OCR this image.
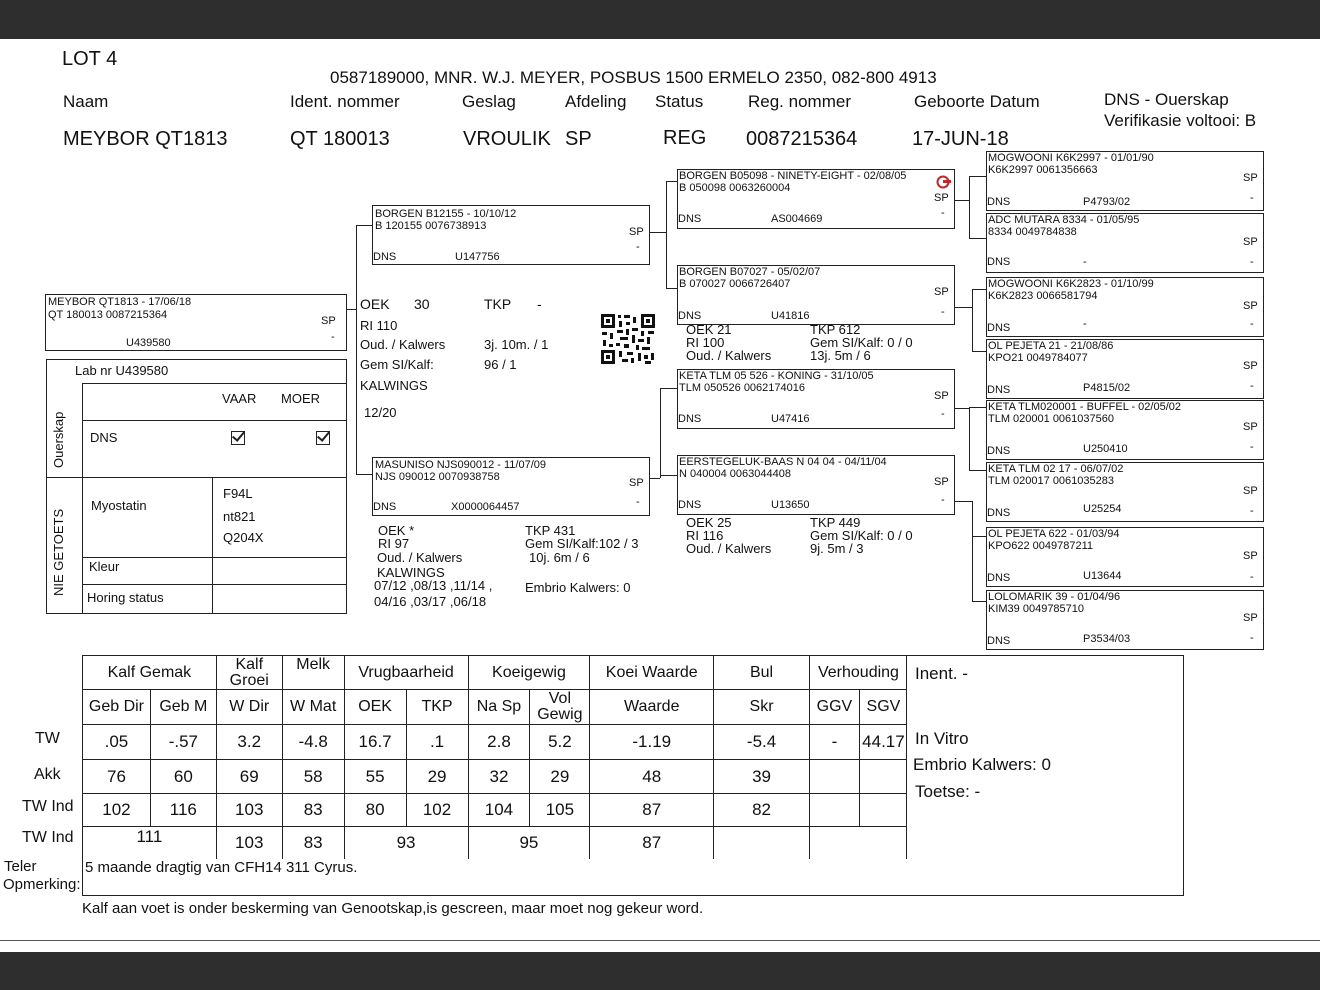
LOT 4
0587189000, MNR. W.J. MEYER, POSBUS 1500 ERMELO 2350, 082-800 4913
Naam	Ident. nommer	Geslag	Afdeling Status	Reg. nommer	Geboorte Datum	DNS - Ouerskap
Verifikasie voltooi: B
MEYBOR QT1813	QT 180013	VROULIK SP	REG 0087215364	17-JUN-18
MEYBOR QT1813 - 17/06/18
QT 180013 0087215364	SP
-
U439580
Lab nr U439580
VAAR MOER
DNS

Ouerskap
NIE GETOETS
Myostatin
F94L
nt821
Q204X
Kleur
Horing status
BORGEN B12155 - 10/10/12
B 120155 0076738913	SP
-
DNS	U147756
OEK 30	TKP -
RI 110
Oud. / Kalwers	3j. 10m. / 1
Gem SI/Kalf:	96 / 1
KALWINGS
12/20
MASUNISO NJS090012 - 11/07/09
NJS 090012 0070938758	SP
-
DNS	X0000064457
OEK *
RI 97
Oud. / Kalwers
KALWINGS
07/12 ,08/13 ,11/14 ,
04/16 ,03/17 ,06/18
TKP 431
Gem SI/Kalf:102 / 3
10j. 6m / 6
Embrio Kalwers: 0
BORGEN B05098 - NINETY-EIGHT - 02/08/05
B 050098 0063260004
SP
-
DNS	AS004669
BORGEN B07027 - 05/02/07
B 070027 0066726407
SP
-
DNS	U41816
OEK 21
RI 100
Oud. / Kalwers
TKP 612
Gem SI/Kalf: 0 / 0
13j. 5m / 6
KETA TLM 05 526 - KONING - 31/10/05
TLM 050526 0062174016
SP
-
DNS	U47416
EERSTEGELUK-BAAS N 04 04 - 04/11/04
N 040004 0063044408
SP
-
DNS	U13650
OEK 25
RI 116
Oud. / Kalwers
TKP 449
Gem SI/Kalf: 0 / 0
9j. 5m / 3
MOGWOONI K6K2997 - 01/01/90
K6K2997 0061356663
SP
-
DNS	P4793/02
ADC MUTARA 8334 - 01/05/95
8334 0049784838
SP
-
DNS	-
MOGWOONI K6K2823 - 01/10/99
K6K2823 0066581794
SP
-
DNS	-
OL PEJETA 21 - 21/08/86
KPO21 0049784077
SP
-
DNS	P4815/02
KETA TLM020001 - BUFFEL - 02/05/02
TLM 020001 0061037560
SP
-
DNS	U250410
KETA TLM 02 17 - 06/07/02
TLM 020017 0061035283
SP
-
DNS	U25254
OL PEJETA 622 - 01/03/94
KPO622 0049787211
SP
-
DNS	U13644
LOLOMARIK 39 - 01/04/96
KIM39 0049785710
SP
-
DNS	P3534/03
TW
Akk
TW Ind
TW Ind
Kalf Gemak		Kalf Groei	Melk	Vrugbaarheid		Koeigewig		Koei Waarde	Bul	Verhouding	
Geb Dir	Geb M	W Dir	W Mat	OEK	TKP	Na Sp	Vol Gewig	Waarde	Skr	GGV	SGV
.05	-.57	3.2	-4.8	16.7	.1	2.8	5.2	-1.19	-5.4	-	44.17
76	60	69	58	55	29	32	29	48	39		
102	116	103	83	80	102	104	105	87	82		
111		103	83	93		95		87			
Inent. -
In Vitro
Embrio Kalwers: 0
Toetse: -
Teler
Opmerking:
5 maande dragtig van CFH14 311 Cyrus.
Kalf aan voet is onder beskerming van Genootskap,is gescreen, maar moet nog gekeur word.
